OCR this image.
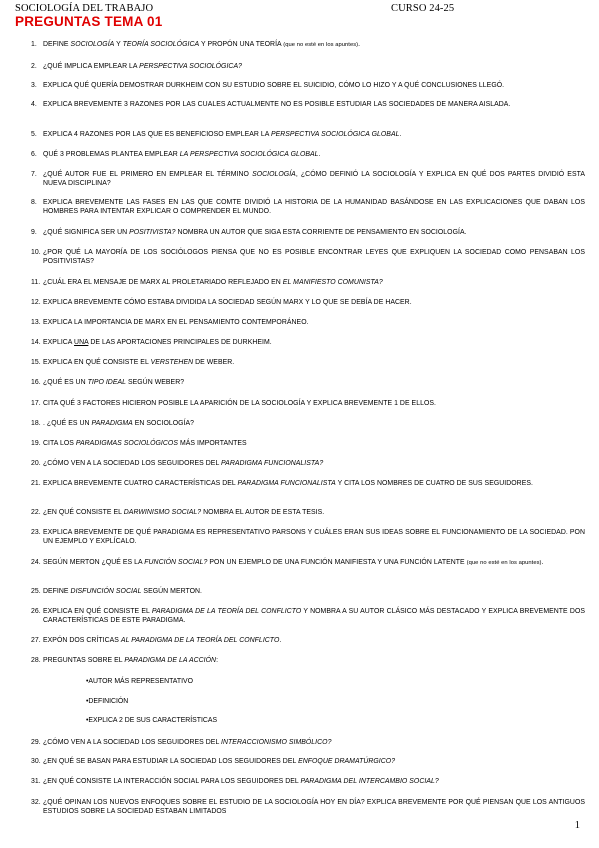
SOCIOLOGÍA DEL TRABAJO	CURSO 24-25
PREGUNTAS TEMA 01
1. DEFINE SOCIOLOGÍA Y TEORÍA SOCIOLÓGICA Y PROPÓN UNA TEORÍA (que no esté en los apuntes).
2. ¿QUÉ IMPLICA EMPLEAR LA PERSPECTIVA SOCIOLÓGICA?
3. EXPLICA QUÉ QUERÍA DEMOSTRAR DURKHEIM CON SU ESTUDIO SOBRE EL SUICIDIO, CÓMO LO HIZO Y A QUÉ CONCLUSIONES LLEGÓ.
4. EXPLICA BREVEMENTE 3 RAZONES POR LAS CUALES ACTUALMENTE NO ES POSIBLE ESTUDIAR LAS SOCIEDADES DE MANERA AISLADA.
5. EXPLICA 4 RAZONES POR LAS QUE ES BENEFICIOSO EMPLEAR LA PERSPECTIVA SOCIOLÓGICA GLOBAL.
6. QUÉ 3 PROBLEMAS PLANTEA EMPLEAR LA PERSPECTIVA SOCIOLÓGICA GLOBAL.
7. ¿QUÉ AUTOR FUE EL PRIMERO EN EMPLEAR EL TÉRMINO SOCIOLOGÍA, ¿CÓMO DEFINIÓ LA SOCIOLOGÍA Y EXPLICA EN QUÉ DOS PARTES DIVIDIÓ ESTA NUEVA DISCIPLINA?
8. EXPLICA BREVEMENTE LAS FASES EN LAS QUE COMTE DIVIDIÓ LA HISTORIA DE LA HUMANIDAD BASÁNDOSE EN LAS EXPLICACIONES QUE DABAN LOS HOMBRES PARA INTENTAR EXPLICAR O COMPRENDER EL MUNDO.
9. ¿QUÉ SIGNIFICA SER UN POSITIVISTA? NOMBRA UN AUTOR QUE SIGA ESTA CORRIENTE DE PENSAMIENTO EN SOCIOLOGÍA.
10. ¿POR QUÉ LA MAYORÍA DE LOS SOCIÓLOGOS PIENSA QUE NO ES POSIBLE ENCONTRAR LEYES QUE EXPLIQUEN LA SOCIEDAD COMO PENSABAN LOS POSITIVISTAS?
11. ¿CUÁL ERA EL MENSAJE DE MARX AL PROLETARIADO REFLEJADO EN EL MANIFIESTO COMUNISTA?
12. EXPLICA BREVEMENTE CÓMO ESTABA DIVIDIDA LA SOCIEDAD SEGÚN MARX Y LO QUE SE DEBÍA DE HACER.
13. EXPLICA LA IMPORTANCIA DE MARX EN EL PENSAMIENTO CONTEMPORÁNEO.
14. EXPLICA UNA DE LAS APORTACIONES PRINCIPALES DE DURKHEIM.
15. EXPLICA EN QUÉ CONSISTE EL VERSTEHEN DE WEBER.
16. ¿QUÉ ES UN TIPO IDEAL SEGÚN WEBER?
17. CITA QUÉ 3 FACTORES HICIERON POSIBLE LA APARICIÓN DE LA SOCIOLOGÍA Y EXPLICA BREVEMENTE 1 DE ELLOS.
18. . ¿QUÉ ES UN PARADIGMA EN SOCIOLOGÍA?
19. CITA LOS PARADIGMAS SOCIOLÓGICOS MÁS IMPORTANTES
20. ¿CÓMO VEN A LA SOCIEDAD LOS SEGUIDORES DEL PARADIGMA FUNCIONALISTA?
21. EXPLICA BREVEMENTE CUATRO CARACTERÍSTICAS DEL PARADIGMA FUNCIONALISTA Y CITA LOS NOMBRES DE CUATRO DE SUS SEGUIDORES.
22. ¿EN QUÉ CONSISTE EL DARWINISMO SOCIAL? NOMBRA EL AUTOR DE ESTA TESIS.
23. EXPLICA BREVEMENTE DE QUÉ PARADIGMA ES REPRESENTATIVO PARSONS Y CUÁLES ERAN SUS IDEAS SOBRE EL FUNCIONAMIENTO DE LA SOCIEDAD. PON UN EJEMPLO Y EXPLÍCALO.
24. SEGÚN MERTON ¿QUÉ ES LA FUNCIÓN SOCIAL? PON UN EJEMPLO DE UNA FUNCIÓN MANIFIESTA Y UNA FUNCIÓN LATENTE (que no esté en los apuntes).
25. DEFINE DISFUNCIÓN SOCIAL SEGÚN MERTON.
26. EXPLICA EN QUÉ CONSISTE EL PARADIGMA DE LA TEORÍA DEL CONFLICTO Y NOMBRA A SU AUTOR CLÁSICO MÁS DESTACADO Y EXPLICA BREVEMENTE DOS CARACTERÍSTICAS DE ESTE PARADIGMA.
27. EXPÓN DOS CRÍTICAS AL PARADIGMA DE LA TEORÍA DEL CONFLICTO.
28. PREGUNTAS SOBRE EL PARADIGMA DE LA ACCIÓN:
29. ¿CÓMO VEN A LA SOCIEDAD LOS SEGUIDORES DEL INTERACCIONISMO SIMBÓLICO?
30. ¿EN QUÉ SE BASAN PARA ESTUDIAR LA SOCIEDAD LOS SEGUIDORES DEL ENFOQUE DRAMATÚRGICO?
31. ¿EN QUÉ CONSISTE LA INTERACCIÓN SOCIAL PARA LOS SEGUIDORES DEL PARADIGMA DEL INTERCAMBIO SOCIAL?
32. ¿QUÉ OPINAN LOS NUEVOS ENFOQUES SOBRE EL ESTUDIO DE LA SOCIOLOGÍA HOY EN DÍA? EXPLICA BREVEMENTE POR QUÉ PIENSAN QUE LOS ANTIGUOS ESTUDIOS SOBRE LA SOCIEDAD ESTABAN LIMITADOS
•AUTOR MÁS REPRESENTATIVO
•DEFINICIÓN
•EXPLICA 2 DE SUS CARACTERÍSTICAS
1
